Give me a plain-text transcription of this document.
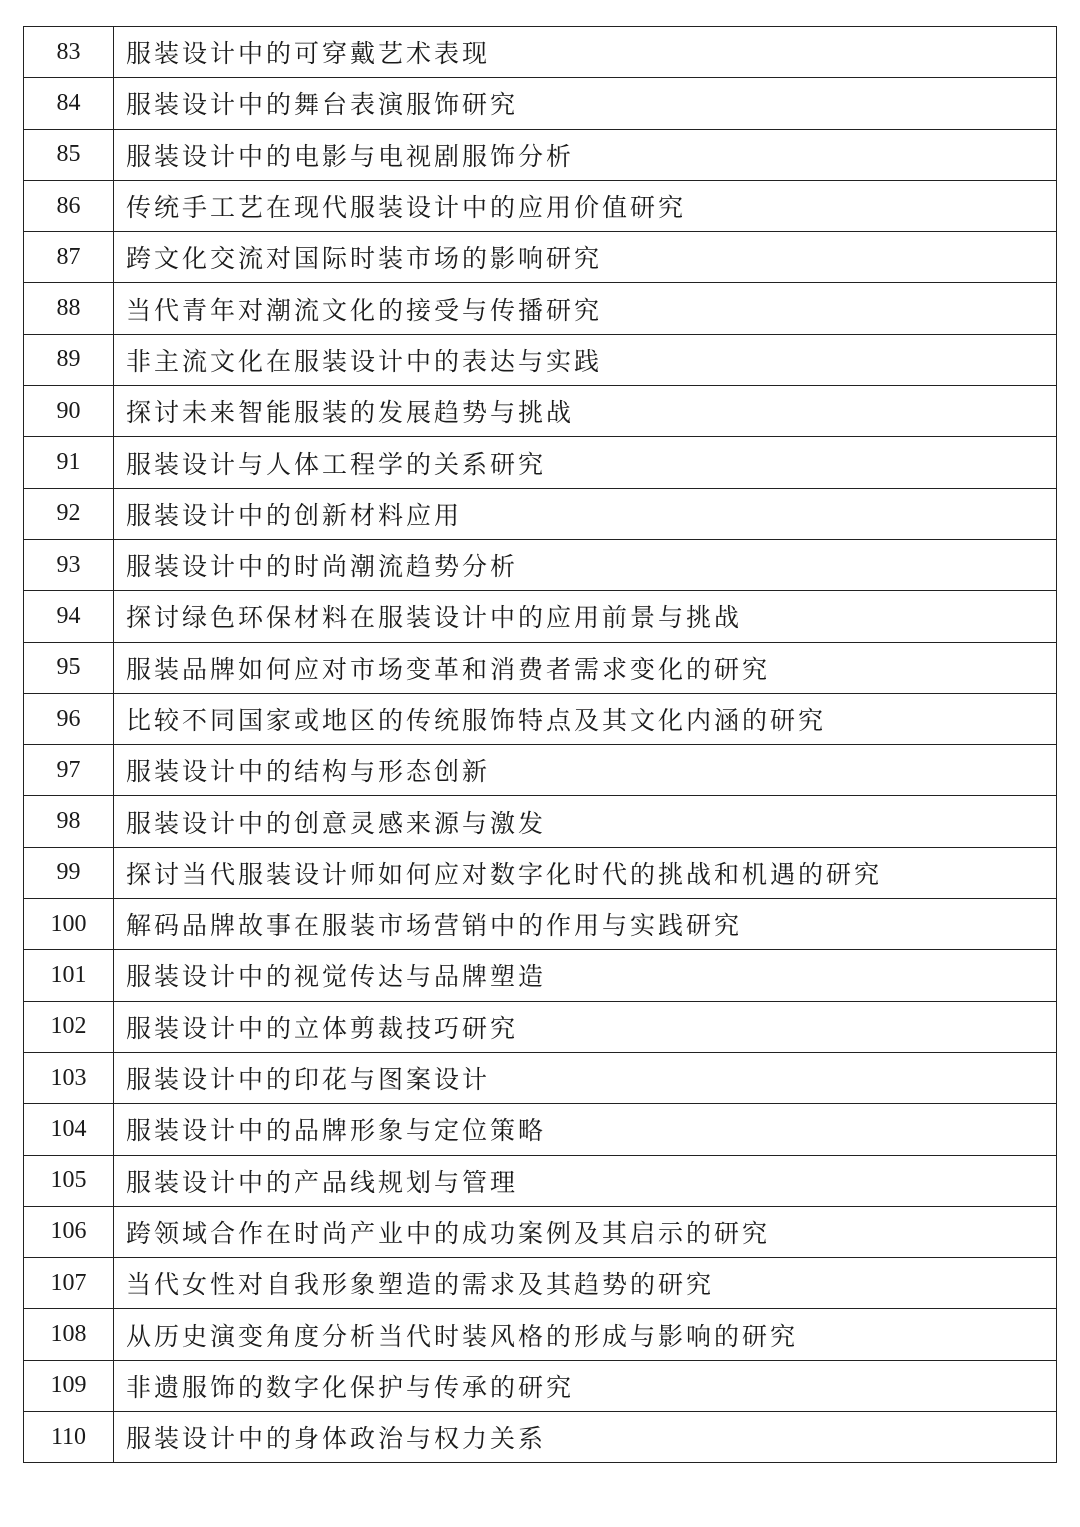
83	服装设计中的可穿戴艺术表现
84	服装设计中的舞台表演服饰研究
85	服装设计中的电影与电视剧服饰分析
86	传统手工艺在现代服装设计中的应用价值研究
87	跨文化交流对国际时装市场的影响研究
88	当代青年对潮流文化的接受与传播研究
89	非主流文化在服装设计中的表达与实践
90	探讨未来智能服装的发展趋势与挑战
91	服装设计与人体工程学的关系研究
92	服装设计中的创新材料应用
93	服装设计中的时尚潮流趋势分析
94	探讨绿色环保材料在服装设计中的应用前景与挑战
95	服装品牌如何应对市场变革和消费者需求变化的研究
96	比较不同国家或地区的传统服饰特点及其文化内涵的研究
97	服装设计中的结构与形态创新
98	服装设计中的创意灵感来源与激发
99	探讨当代服装设计师如何应对数字化时代的挑战和机遇的研究
100	解码品牌故事在服装市场营销中的作用与实践研究
101	服装设计中的视觉传达与品牌塑造
102	服装设计中的立体剪裁技巧研究
103	服装设计中的印花与图案设计
104	服装设计中的品牌形象与定位策略
105	服装设计中的产品线规划与管理
106	跨领域合作在时尚产业中的成功案例及其启示的研究
107	当代女性对自我形象塑造的需求及其趋势的研究
108	从历史演变角度分析当代时装风格的形成与影响的研究
109	非遗服饰的数字化保护与传承的研究
110	服装设计中的身体政治与权力关系
